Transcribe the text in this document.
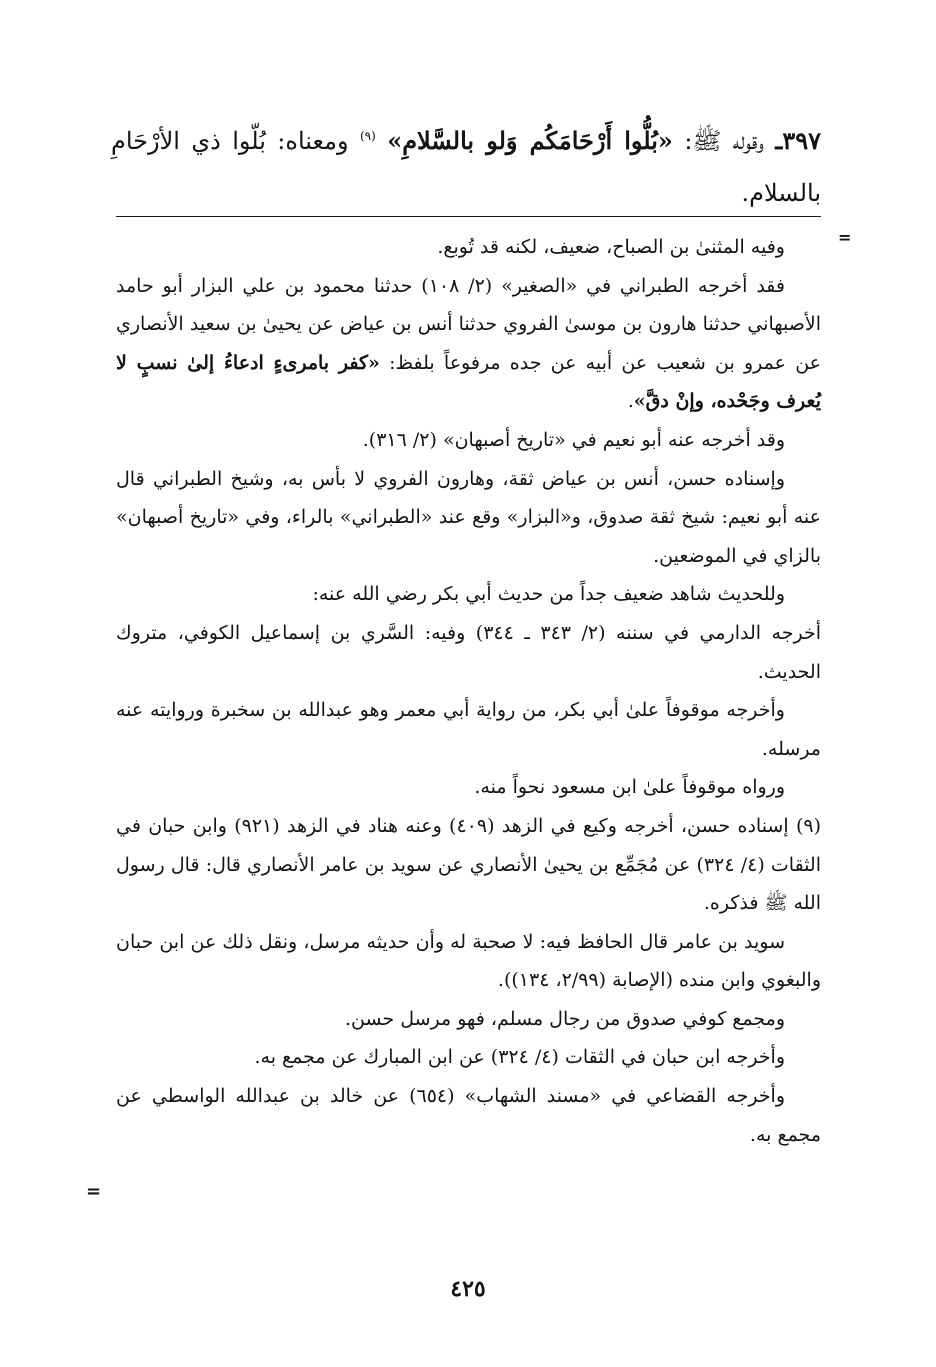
٣٩٧ـ وقوله ﷺ: «بُلُّوا أَرْحَامَكُم وَلو بالسَّلامِ» $^{(٩)}$ ومعناه: بُلّوا ذي الأرْحَامِ بالسلام.
=

وفيه المثنىٰ بن الصباح، ضعيف، لكنه قد تُوبع.

فقد أخرجه الطبراني في «الصغير» (٢/ ١٠٨) حدثنا محمود بن علي البزار أبو حامد الأصبهاني حدثنا هارون بن موسىٰ الفروي حدثنا أنس بن عياض عن يحيىٰ بن سعيد الأنصاري عن عمرو بن شعيب عن أبيه عن جده مرفوعاً بلفظ: «كفر بامرىءٍ ادعاءُ إلىٰ نسبٍ لا يُعرف وجَحْده، وإنْ دقَّ».

وقد أخرجه عنه أبو نعيم في «تاريخ أصبهان» (٢/ ٣١٦).

وإسناده حسن، أنس بن عياض ثقة، وهارون الفروي لا بأس به، وشيخ الطبراني قال عنه أبو نعيم: شيخ ثقة صدوق، و«البزار» وقع عند «الطبراني» بالراء، وفي «تاريخ أصبهان» بالزاي في الموضعين.

وللحديث شاهد ضعيف جداً من حديث أبي بكر رضي الله عنه:

أخرجه الدارمي في سننه (٢/ ٣٤٣ ـ ٣٤٤) وفيه: السَّري بن إسماعيل الكوفي، متروك الحديث.

وأخرجه موقوفاً علىٰ أبي بكر، من رواية أبي معمر وهو عبدالله بن سخبرة وروايته عنه مرسله.

ورواه موقوفاً علىٰ ابن مسعود نحواً منه.

(٩) إسناده حسن، أخرجه وكيع في الزهد (٤٠٩) وعنه هناد في الزهد (٩٢١) وابن حبان في الثقات (٤/ ٣٢٤) عن مُجَمِّع بن يحيىٰ الأنصاري عن سويد بن عامر الأنصاري قال: قال رسول الله ﷺ فذكره.

سويد بن عامر قال الحافظ فيه: لا صحبة له وأن حديثه مرسل، ونقل ذلك عن ابن حبان والبغوي وابن منده (الإصابة (٢/٩٩، ١٣٤)).

ومجمع كوفي صدوق من رجال مسلم، فهو مرسل حسن.

وأخرجه ابن حبان في الثقات (٤/ ٣٢٤) عن ابن المبارك عن مجمع به.

وأخرجه القضاعي في «مسند الشهاب» (٦٥٤) عن خالد بن عبدالله الواسطي عن مجمع به.

=
٤٢٥
